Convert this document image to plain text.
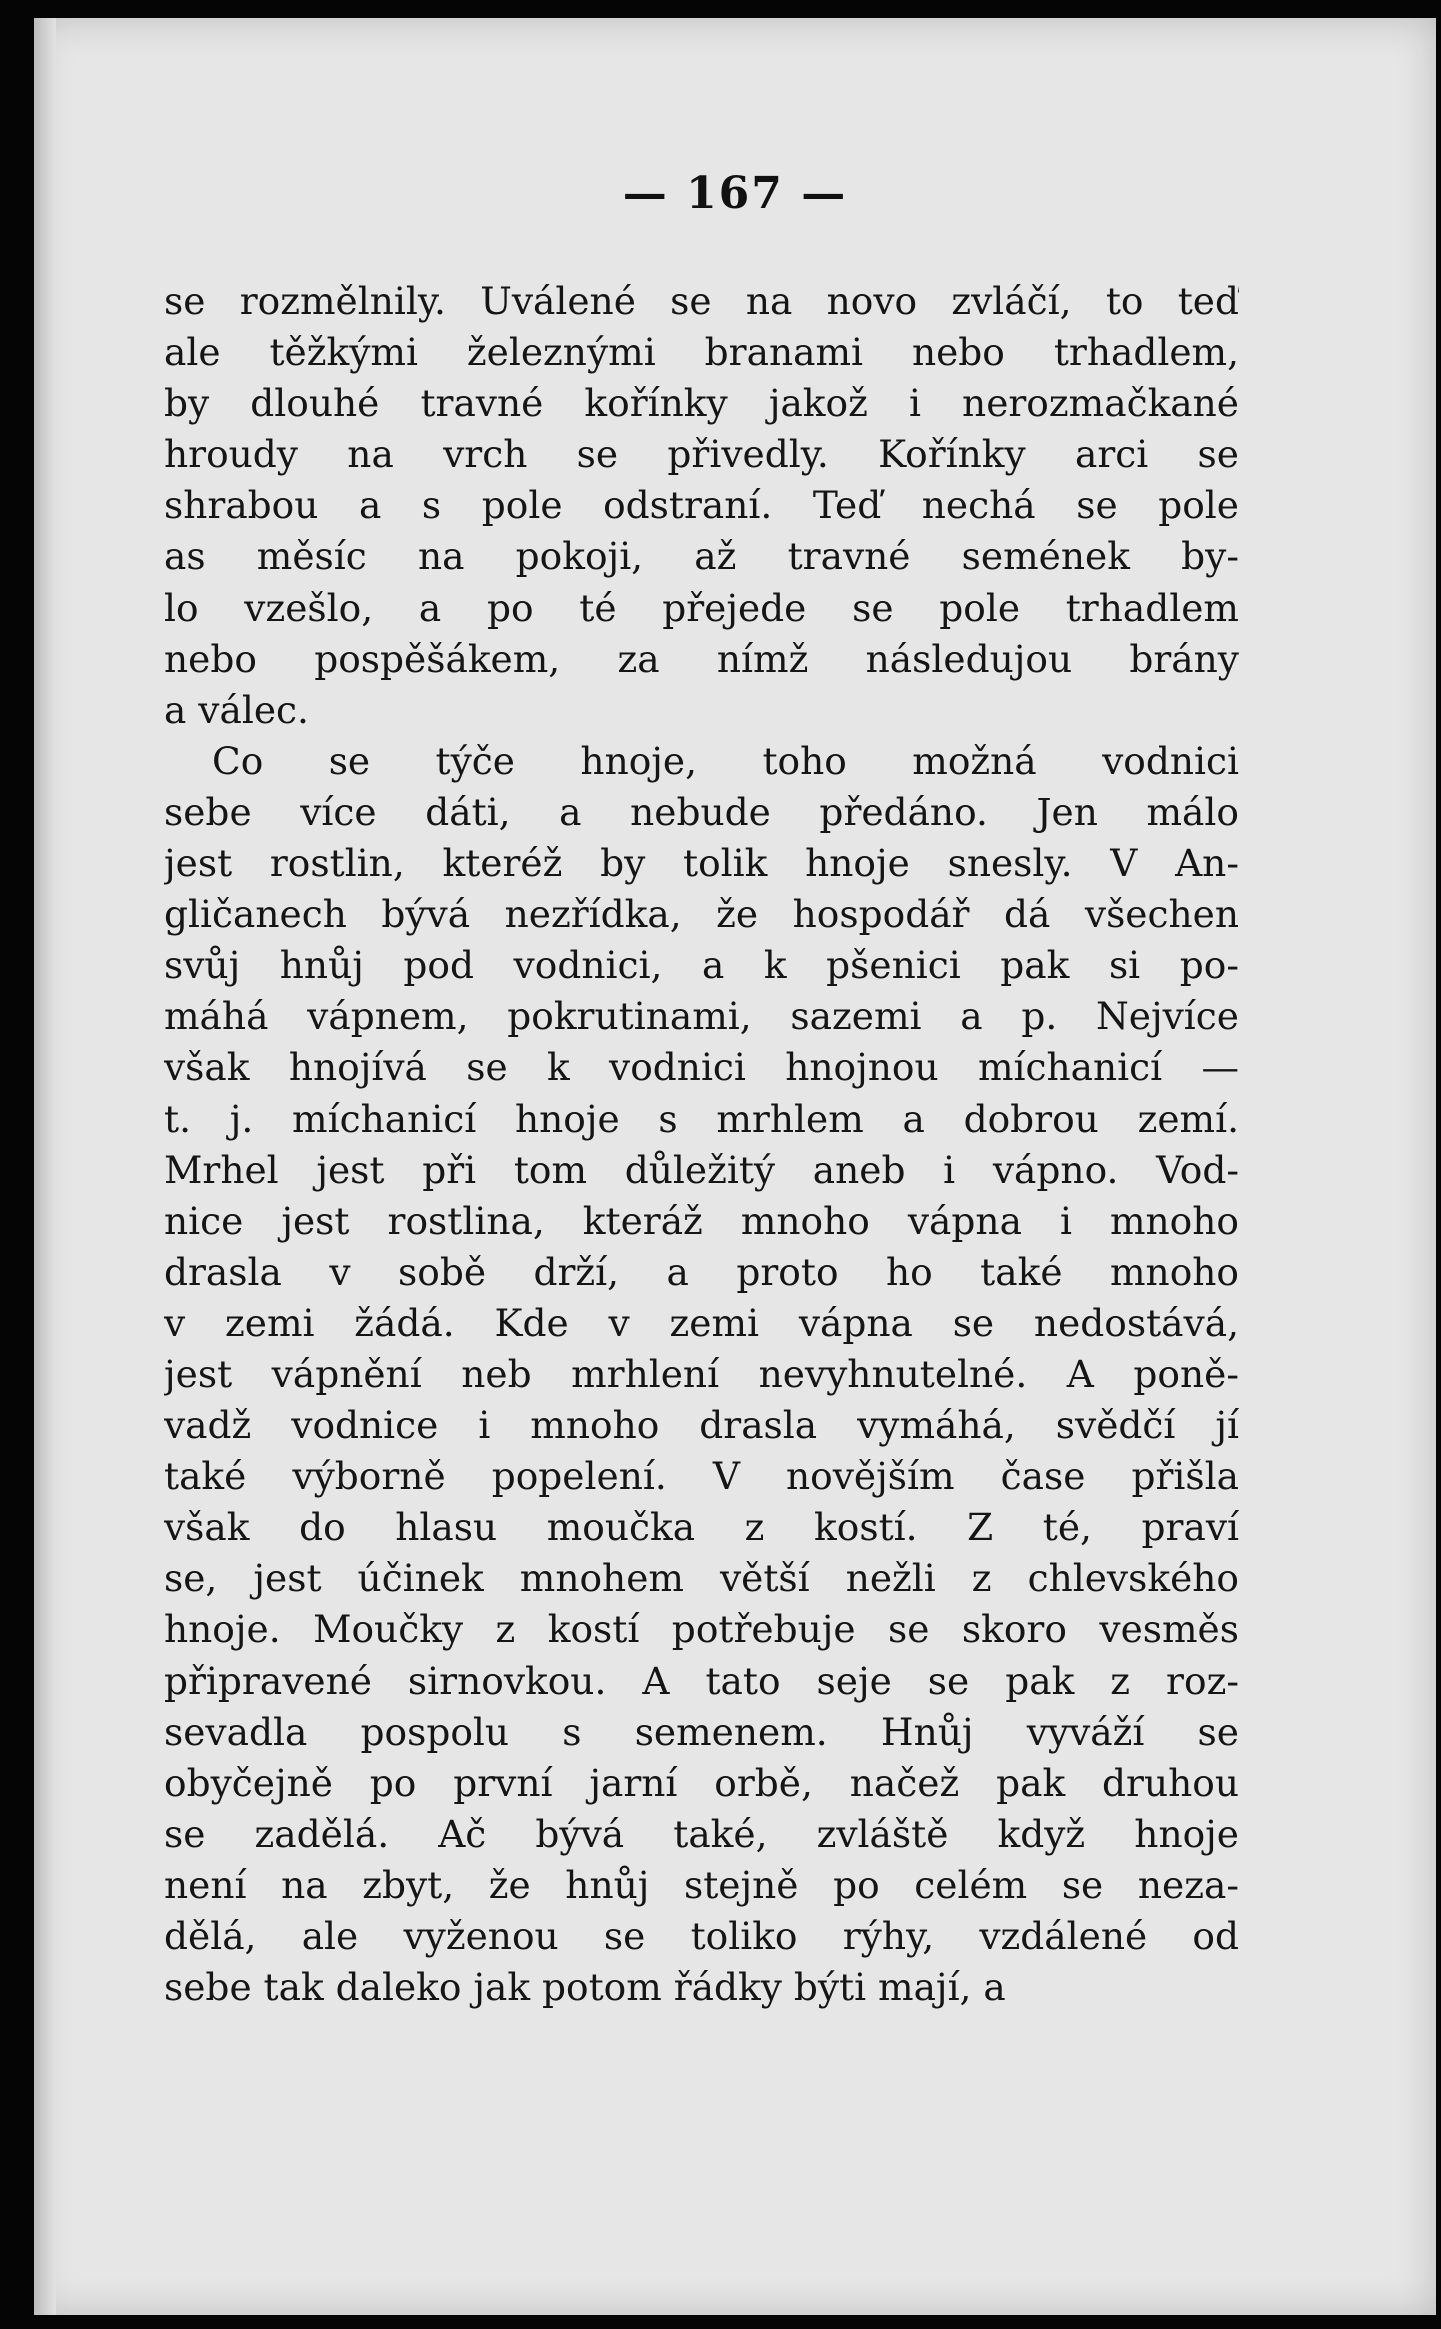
— 167 —
se rozmělnily. Uválené se na novo zvláčí, to teď
ale těžkými železnými branami nebo trhadlem,
by dlouhé travné kořínky jakož i nerozmačkané
hroudy na vrch se přivedly. Kořínky arci se
shrabou a s pole odstraní. Teď nechá se pole
as měsíc na pokoji, až travné semének by-
lo vzešlo, a po té přejede se pole trhadlem
nebo pospěšákem, za nímž následujou brány
a válec.
Co se týče hnoje, toho možná vodnici
sebe více dáti, a nebude předáno. Jen málo
jest rostlin, kteréž by tolik hnoje snesly. V An-
gličanech bývá nezřídka, že hospodář dá všechen
svůj hnůj pod vodnici, a k pšenici pak si po-
máhá vápnem, pokrutinami, sazemi a p. Nejvíce
však hnojívá se k vodnici hnojnou míchanicí —
t. j. míchanicí hnoje s mrhlem a dobrou zemí.
Mrhel jest při tom důležitý aneb i vápno. Vod-
nice jest rostlina, kteráž mnoho vápna i mnoho
drasla v sobě drží, a proto ho také mnoho
v zemi žádá. Kde v zemi vápna se nedostává,
jest vápnění neb mrhlení nevyhnutelné. A poně-
vadž vodnice i mnoho drasla vymáhá, svědčí jí
také výborně popelení. V novějším čase přišla
však do hlasu moučka z kostí. Z té, praví
se, jest účinek mnohem větší nežli z chlevského
hnoje. Moučky z kostí potřebuje se skoro vesměs
připravené sirnovkou. A tato seje se pak z roz-
sevadla pospolu s semenem. Hnůj vyváží se
obyčejně po první jarní orbě, načež pak druhou
se zadělá. Ač bývá také, zvláště když hnoje
není na zbyt, že hnůj stejně po celém se neza-
dělá, ale vyženou se toliko rýhy, vzdálené od
sebe tak daleko jak potom řádky býti mají, a
